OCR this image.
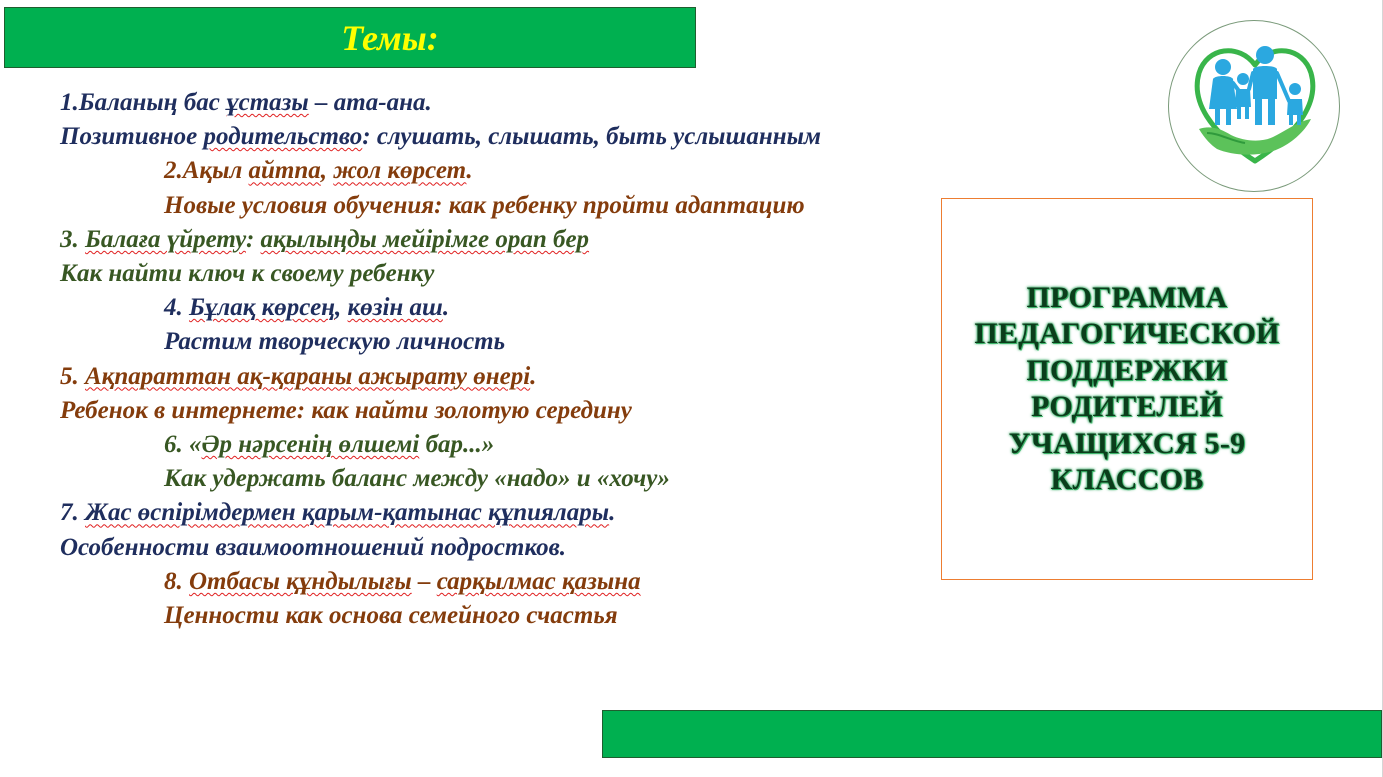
Темы:
1.Баланың бас ұстазы – ата-ана.
Позитивное родительство: слушать, слышать, быть услышанным
2.Ақыл айтпа, жол көрсет.
Новые условия обучения: как ребенку пройти адаптацию
3. Балаға үйрету: ақылыңды мейірімге орап бер
Как найти ключ к своему ребенку
4. Бұлақ көрсең, көзін аш.
Растим творческую личность
5. Ақпараттан ақ-қараны ажырату өнері.
Ребенок в интернете: как найти золотую середину
6. «Әр нәрсенің өлшемі бар...»
Как удержать баланс между «надо» и «хочу»
7. Жас өспірімдермен қарым-қатынас құпиялары.
Особенности взаимоотношений подростков.
8. Отбасы құндылығы – сарқылмас қазына
Ценности как основа семейного счастья
ПРОГРАММА
ПЕДАГОГИЧЕСКОЙ
ПОДДЕРЖКИ
РОДИТЕЛЕЙ
УЧАЩИХСЯ 5-9
КЛАССОВ
